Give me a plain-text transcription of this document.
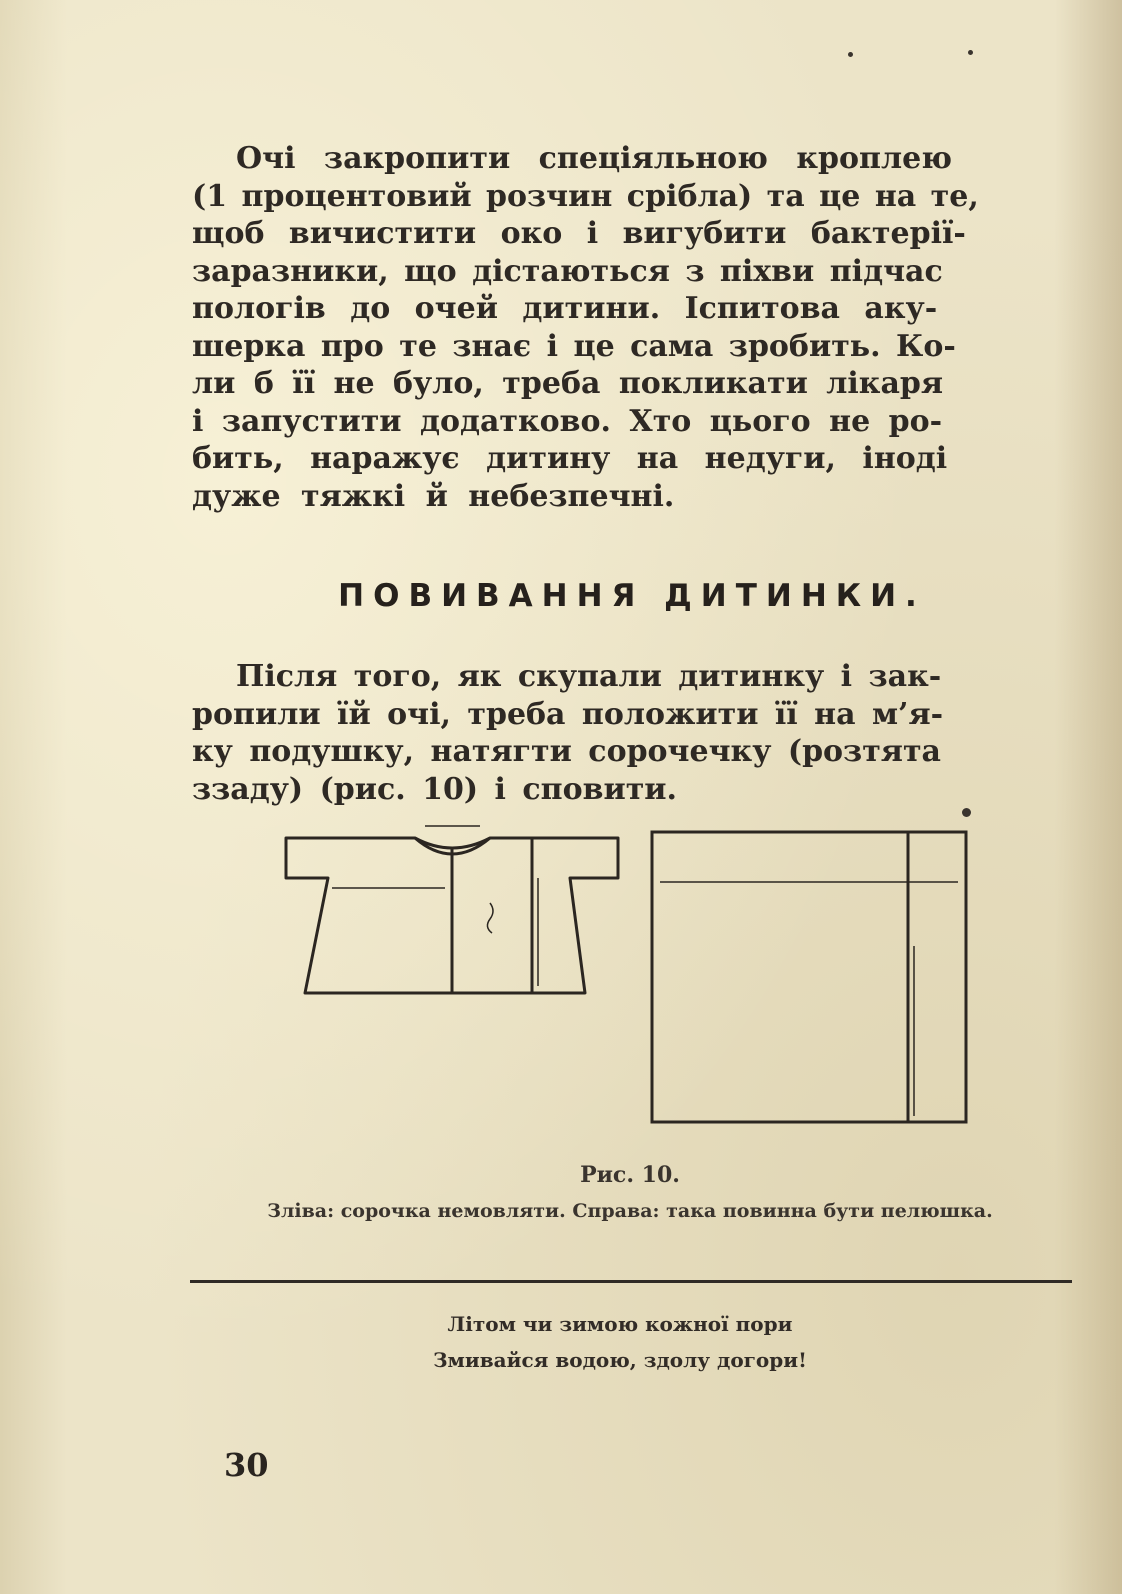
Очі закропити спеціяльною кроплею
(1 процентовий розчин срібла) та це на те,
щоб вичистити око і вигубити бактерії-
заразники, що дістаються з піхви підчас
пологів до очей дитини. Іспитова аку-
шерка про те знає і це сама зробить. Ко-
ли б її не було, треба покликати лікаря
і запустити додатково. Хто цього не ро-
бить, наражує дитину на недуги, іноді
дуже тяжкі й небезпечні.
ПОВИВАННЯ ДИТИНКИ.
Після того, як скупали дитинку і зак-
ропили їй очі, треба положити її на м’я-
ку подушку, натягти сорочечку (розтята
ззаду) (рис. 10) і сповити.
Рис. 10.
Зліва: сорочка немовляти. Справа: така повинна бути пелюшка.
Літом чи зимою кожної пори
Змивайся водою, здолу догори!
30
